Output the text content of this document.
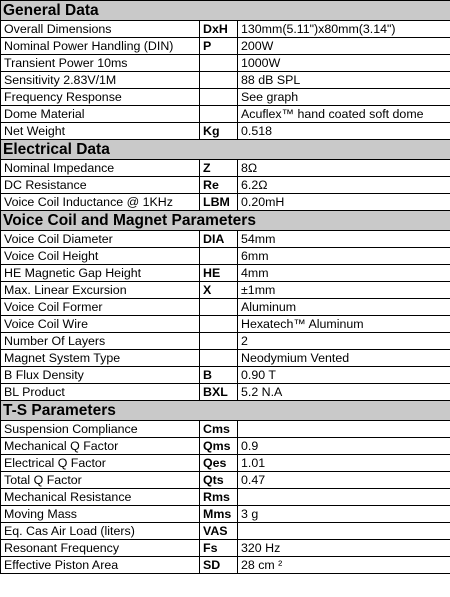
General Data		
Overall Dimensions	DxH	130mm(5.11")x80mm(3.14")
Nominal Power Handling (DIN)	P	200W
Transient Power 10ms		1000W
Sensitivity 2.83V/1M		88 dB SPL
Frequency Response		See graph
Dome Material		Acuflex™ hand coated soft dome
Net Weight	Kg	0.518
Electrical Data		
Nominal Impedance	Z	8Ω
DC Resistance	Re	6.2Ω
Voice Coil Inductance @ 1KHz	LBM	0.20mH
Voice Coil and Magnet Parameters		
Voice Coil Diameter	DIA	54mm
Voice Coil Height		6mm
HE Magnetic Gap Height	HE	4mm
Max. Linear Excursion	X	±1mm
Voice Coil Former		Aluminum
Voice Coil Wire		Hexatech™ Aluminum
Number Of Layers		2
Magnet System Type		Neodymium Vented
B Flux Density	B	0.90 T
BL Product	BXL	5.2 N.A
T-S Parameters		
Suspension Compliance	Cms	
Mechanical Q Factor	Qms	0.9
Electrical Q Factor	Qes	1.01
Total Q Factor	Qts	0.47
Mechanical Resistance	Rms	
Moving Mass	Mms	3 g
Eq. Cas Air Load (liters)	VAS	
Resonant Frequency	Fs	320 Hz
Effective Piston Area	SD	28 cm ²
